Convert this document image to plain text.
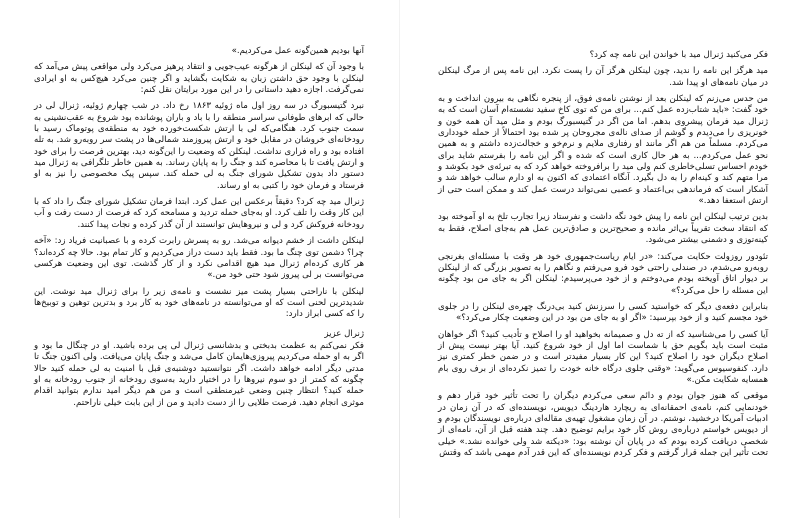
آنها بودیم همین‌گونه عمل می‌کردیم.»

با وجود آن که لینکلن از هرگونه عیب‌جویی و انتقاد پرهیز می‌کرد ولی مواقعی پیش می‌آمد که لینکلن با وجود حق داشتن زبان به شکایت بگشاید و اگر چنین می‌کرد هیچ‌کس به او ایرادی نمی‌گرفت. اجازه دهید داستانی را در این مورد برایتان نقل کنم:

نبرد گتیسبورگ در سه روز اول ماه ژوئیه ۱۸۶۳ رخ داد. در شب چهارم ژوئیه، ژنرال لی در حالی که ابرهای طوفانی سراسر منطقه را با باد و باران پوشانده بود شروع به عقب‌نشینی به سمت جنوب کرد. هنگامی‌که لی با ارتش شکست‌خورده خود به منطقه‌ی پوتوماک رسید با رودخانه‌ای خروشان در مقابل خود و ارتش پیروزمند شمالی‌ها در پشت سر روبه‌رو شد. به تله افتاده بود و راه فراری نداشت. لینکلن که وضعیت را این‌گونه دید، بهترین فرصت را برای خود و ارتش یافت تا با محاصره کند و جنگ را به پایان رساند. به همین خاطر تلگرافی به ژنرال مید دستور داد بدون تشکیل شورای جنگ به لی حمله کند. سپس پیک مخصوصی را نیز به او فرستاد و فرمان خود را کتبی به او رساند.

ژنرال مید چه کرد؟ دقیقاً برعکس این عمل کرد. ابتدا فرمان تشکیل شورای جنگ را داد که با این کار وقت را تلف کرد. او به‌جای حمله تردید و مسامحه کرد که فرصت از دست رفت و آب رودخانه فروکش کرد و لی و نیروهایش توانستند از آن گذر کرده و نجات پیدا کنند.

لینکلن داشت از خشم دیوانه می‌شد. رو به پسرش رابرت کرده و با عصبانیت فریاد زد: «آخه چرا؟ دشمن توی چنگ ما بود. فقط باید دست دراز می‌کردیم و کار تمام بود. حالا چه کرده‌اند؟ هر کاری کرده‌ام ژنرال مید هیچ اقدامی نکرد و از کار گذشت. توی این وضعیت هرکسی می‌توانست بر لی پیروز شود حتی خود من.»

لینکلن با ناراحتی بسیار پشت میز نشست و نامه‌ی زیر را برای ژنرال مید نوشت. این شدیدترین لحنی است که او می‌توانسته در نامه‌های خود به کار برد و بدترین توهین و توبیخ‌ها را که کسی ابراز دارد:

ژنرال عزیز

فکر نمی‌کنم به عظمت بدبختی و بدشانسی ژنرال لی پی برده باشید. او در چنگال ما بود و اگر به او حمله می‌کردیم پیروزی‌هایمان کامل می‌شد و جنگ پایان می‌یافت. ولی اکنون جنگ تا مدتی دیگر ادامه خواهد داشت. اگر نتوانستید دوشنبه‌ی قبل با امنیت به لی حمله کنید حالا چگونه که کمتر از دو سوم نیروها را در اختیار دارید به‌سوی رودخانه از جنوب رودخانه به او حمله کنید؟ انتظار چنین وضعی غیرمنطقی است و من هم دیگر امید ندارم بتوانید اقدام موثری انجام دهید. فرصت طلایی را از دست دادید و من از این بابت خیلی ناراحتم.

فکر می‌کنید ژنرال مید با خواندن این نامه چه کرد؟

مید هرگز این نامه را ندید، چون لینکلن هرگز آن را پست نکرد. این نامه پس از مرگ لینکلن در میان نامه‌های او پیدا شد.

من حدس می‌زنم که لینکلن بعد از نوشتن نامه‌ی فوق، از پنجره نگاهی به بیرون انداخت و به خود گفت: «باید شتاب‌زده عمل کنم... برای من که توی کاخ سفید نشسته‌ام آسان است که به ژنرال مید فرمان پیشروی بدهم. اما من اگر در گتیسبورگ بودم و مثل مید آن همه خون و خونریزی را می‌دیدم و گوشم از صدای ناله‌ی مجروحان پر شده بود احتمالاً از حمله خودداری می‌کردم. مسلماً من هم اگر مانند او رفتاری ملایم و نرم‌خو و خجالت‌زده داشتم و به همین نحو عمل می‌کردم... به هر حال کاری است که شده و اگر این نامه را بفرستم شاید برای خودم احساس تسلی‌خاطری کنم ولی مید را برافروخته خواهد کرد که به تبرئه‌ی خود بکوشد و مرا متهم کند و کینه‌ام را به دل بگیرد. آنگاه اعتمادی که اکنون به او دارم سالب خواهد شد و آشکار است که فرماندهی بی‌اعتماد و عصبی نمی‌تواند درست عمل کند و ممکن است حتی از ارتش استعفا دهد.»

بدین ترتیب لینکلن این نامه را پیش خود نگه داشت و نفرستاد زیرا تجارب تلخ به او آموخته بود که انتقاد سخت تقریباً بی‌اثر مانده و صحیح‌ترین و صادق‌ترین عمل هم به‌جای اصلاح، فقط به کینه‌توزی و دشمنی بیشتر می‌شود.

تئودور روزولت حکایت می‌کند: «در ایام ریاست‌جمهوری خود هر وقت با مسئله‌ای بغرنجی روبه‌رو می‌شدم، در صندلی راحتی خود فرو می‌رفتم و نگاهم را به تصویر بزرگی که از لینکلن بر دیوار اتاق آویخته بودم می‌دوختم و از خود می‌پرسیدم: لینکلن اگر به جای من بود چگونه این مسئله را حل می‌کرد؟»

بنابراین دفعه‌ی دیگر که خواستید کسی را سرزنش کنید بی‌درنگ چهره‌ی لینکلن را در جلوی خود مجسم کنید و از خود بپرسید: «اگر او به جای من بود در این وضعیت چکار می‌کرد؟»

آیا کسی را می‌شناسید که از ته دل و صمیمانه بخواهید او را اصلاح و تأدیب کنید؟ اگر خواهان مثبت است باید بگویم حق با شماست اما اول از خود شروع کنید. آیا بهتر نیست پیش از اصلاح دیگران خود را اصلاح کنید؟ این کار بسیار مفیدتر است و در ضمن خطر کمتری نیز دارد. کنفوسیوس می‌گوید: «وقتی جلوی درگاه خانه خودت را تمیز نکرده‌ای از برف روی بام همسایه شکایت مکن.»

موقعی که هنوز جوان بودم و دائم سعی می‌کردم دیگران را تحت تأثیر خود قرار دهم و خودنمایی کنم، نامه‌ی احمقانه‌ای به ریچارد هاردینگ دیویس، نویسنده‌ای که در آن زمان در ادبیات آمریکا درخشید، نوشتم. در آن زمان مشغول تهیه‌ی مقاله‌ای درباره‌ی نویسندگان بودم و از دیویس خواستم درباره‌ی روش کار خود برایم توضیح دهد. چند هفته قبل از آن، نامه‌ای از شخصی دریافت کرده بودم که در پایان آن نوشته بود: «دیکته شد ولی خوانده نشد.» خیلی تحت تأثیر این جمله قرار گرفتم و فکر کردم نویسنده‌ای که این قدر آدم مهمی باشد که وقتش
